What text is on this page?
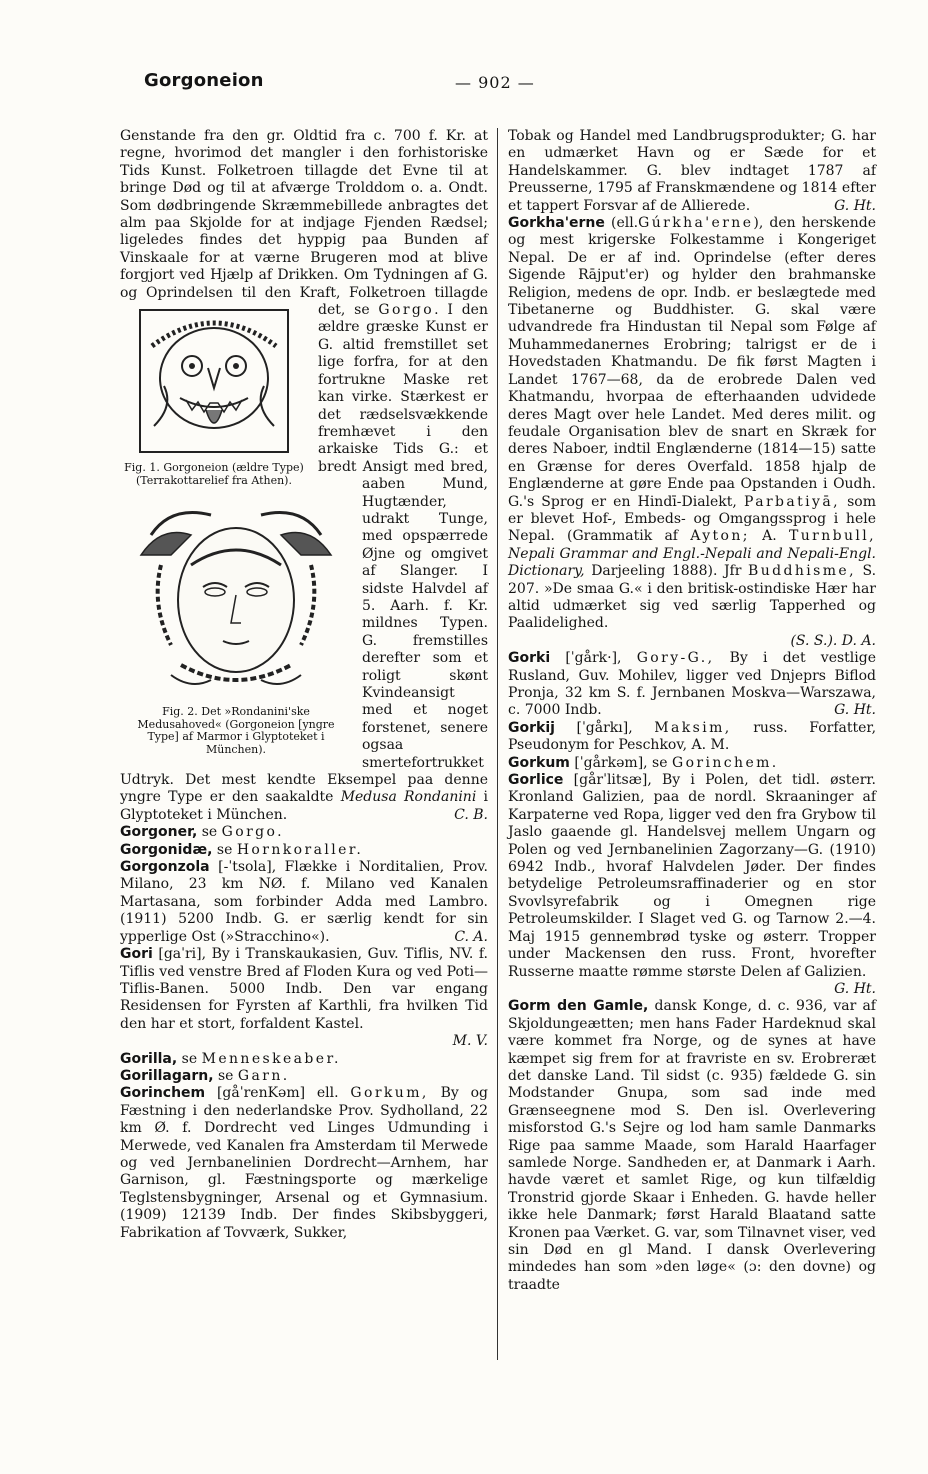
Gorgoneion	— 902 —

Genstande fra den gr. Oldtid fra c. 700 f. Kr. at regne, hvorimod det mangler i den forhistoriske Tids Kunst. Folketroen tillagde det Evne til at bringe Død og til at afværge Trolddom o. a. Ondt. Som dødbringende Skræmmebillede anbragtes det alm paa Skjolde for at indjage Fjenden Rædsel; ligeledes findes det hyppig paa Bunden af Vinskaale for at værne Brugeren mod at blive forgjort ved Hjælp af Drikken. Om Tydningen af G. og Oprindelsen til den Kraft, Folketroen tillagde det, se
Fig. 1. Gorgoneion (ældre Type) (Terrakottarelief fra Athen).
Gorgo. I den ældre græske Kunst er G. altid fremstillet set lige forfra, for at den fortrukne Maske ret kan virke.
Fig. 2. Det »Rondanini'ske Medusahoved« (Gorgoneion [yngre Type] af Marmor i Glyptoteket i München).
Stærkest er det rædselsvækkende fremhævet i den arkaiske Tids G.: et bredt Ansigt med bred, aaben Mund, Hugtænder, udrakt Tunge, med opspærrede Øjne og omgivet af Slanger. I sidste Halvdel af 5. Aarh. f. Kr. mildnes Typen. G. fremstilles derefter som et roligt skønt Kvindeansigt med et noget forstenet, senere ogsaa smertefortrukket Udtryk. Det mest kendte Eksempel paa denne yngre Type er den saakaldte Medusa Rondanini i Glyptoteket i München.	C. B.

Gorgoner, se Gorgo.

Gorgonidæ, se Hornkoraller.

Gorgonzola [-ˈtsola], Flække i Norditalien, Prov. Milano, 23 km NØ. f. Milano ved Kanalen Martasana, som forbinder Adda med Lambro. (1911) 5200 Indb. G. er særlig kendt for sin ypperlige Ost (»Stracchino«).	C. A.

Gori [gaˈri], By i Transkaukasien, Guv. Tiflis, NV. f. Tiflis ved venstre Bred af Floden Kura og ved Poti—Tiflis-Banen. 5000 Indb. Den var engang Residensen for Fyrsten af Karthli, fra hvilken Tid den har et stort, forfaldent Kastel.

M. V.

Gorilla, se Menneskeaber.

Gorillagarn, se Garn.

Gorinchem [gåˈrenKəm] ell. Gorkum, By og Fæstning i den nederlandske Prov. Sydholland, 22 km Ø. f. Dordrecht ved Linges Udmunding i Merwede, ved Kanalen fra Amsterdam til Merwede og ved Jernbanelinien Dordrecht—Arnhem, har Garnison, gl. Fæstningsporte og mærkelige Teglstensbygninger, Arsenal og et Gymnasium. (1909) 12139 Indb. Der findes Skibsbyggeri, Fabrikation af Tovværk, Sukker,

Tobak og Handel med Landbrugsprodukter; G. har en udmærket Havn og er Sæde for et Handelskammer. G. blev indtaget 1787 af Preusserne, 1795 af Franskmændene og 1814 efter et tappert Forsvar af de Allierede.	G. Ht.

Gorkha'erne (ell.Gúrkha'erne), den herskende og mest krigerske Folkestamme i Kongeriget Nepal. De er af ind. Oprindelse (efter deres Sigende Rājput'er) og hylder den brahmanske Religion, medens de opr. Indb. er beslægtede med Tibetanerne og Buddhister. G. skal være udvandrede fra Hindustan til Nepal som Følge af Muhammedanernes Erobring; talrigst er de i Hovedstaden Khatmandu. De fik først Magten i Landet 1767—68, da de erobrede Dalen ved Khatmandu, hvorpaa de efterhaanden udvidede deres Magt over hele Landet. Med deres milit. og feudale Organisation blev de snart en Skræk for deres Naboer, indtil Englænderne (1814—15) satte en Grænse for deres Overfald. 1858 hjalp de Englænderne at gøre Ende paa Opstanden i Oudh. G.'s Sprog er en Hindī-Dialekt, Parbatiyā, som er blevet Hof-, Embeds- og Omgangssprog i hele Nepal. (Grammatik af Ayton; A. Turnbull, Nepali Grammar and Engl.-Nepali and Nepali-Engl. Dictionary, Darjeeling 1888). Jfr Buddhisme, S. 207. »De smaa G.« i den britisk-ostindiske Hær har altid udmærket sig ved særlig Tapperhed og Paalidelighed.

(S. S.). D. A.

Gorki [ˈgårk·], Gory-G., By i det vestlige Rusland, Guv. Mohilev, ligger ved Dnjeprs Biflod Pronja, 32 km S. f. Jernbanen Moskva—Warszawa, c. 7000 Indb.	G. Ht.

Gorkij [ˈgårkı], Maksim, russ. Forfatter, Pseudonym for Peschkov, A. M.

Gorkum [ˈgårkəm], se Gorinchem.

Gorlice [gårˈlitsæ], By i Polen, det tidl. østerr. Kronland Galizien, paa de nordl. Skraaninger af Karpaterne ved Ropa, ligger ved den fra Grybow til Jaslo gaaende gl. Handelsvej mellem Ungarn og Polen og ved Jernbanelinien Zagorzany—G. (1910) 6942 Indb., hvoraf Halvdelen Jøder. Der findes betydelige Petroleumsraffinaderier og en stor Svovlsyrefabrik og i Omegnen rige Petroleumskilder. I Slaget ved G. og Tarnow 2.—4. Maj 1915 gennembrød tyske og østerr. Tropper under Mackensen den russ. Front, hvorefter Russerne maatte rømme største Delen af Galizien.

G. Ht.

Gorm den Gamle, dansk Konge, d. c. 936, var af Skjoldungeætten; men hans Fader Hardeknud skal være kommet fra Norge, og de synes at have kæmpet sig frem for at fravriste en sv. Erobreræt det danske Land. Til sidst (c. 935) fældede G. sin Modstander Gnupa, som sad inde med Grænseegnene mod S. Den isl. Overlevering misforstod G.'s Sejre og lod ham samle Danmarks Rige paa samme Maade, som Harald Haarfager samlede Norge. Sandheden er, at Danmark i Aarh. havde været et samlet Rige, og kun tilfældig Tronstrid gjorde Skaar i Enheden. G. havde heller ikke hele Danmark; først Harald Blaatand satte Kronen paa Værket. G. var, som Tilnavnet viser, ved sin Død en gl Mand. I dansk Overlevering mindedes han som »den løge« (ɔ: den dovne) og traadte
